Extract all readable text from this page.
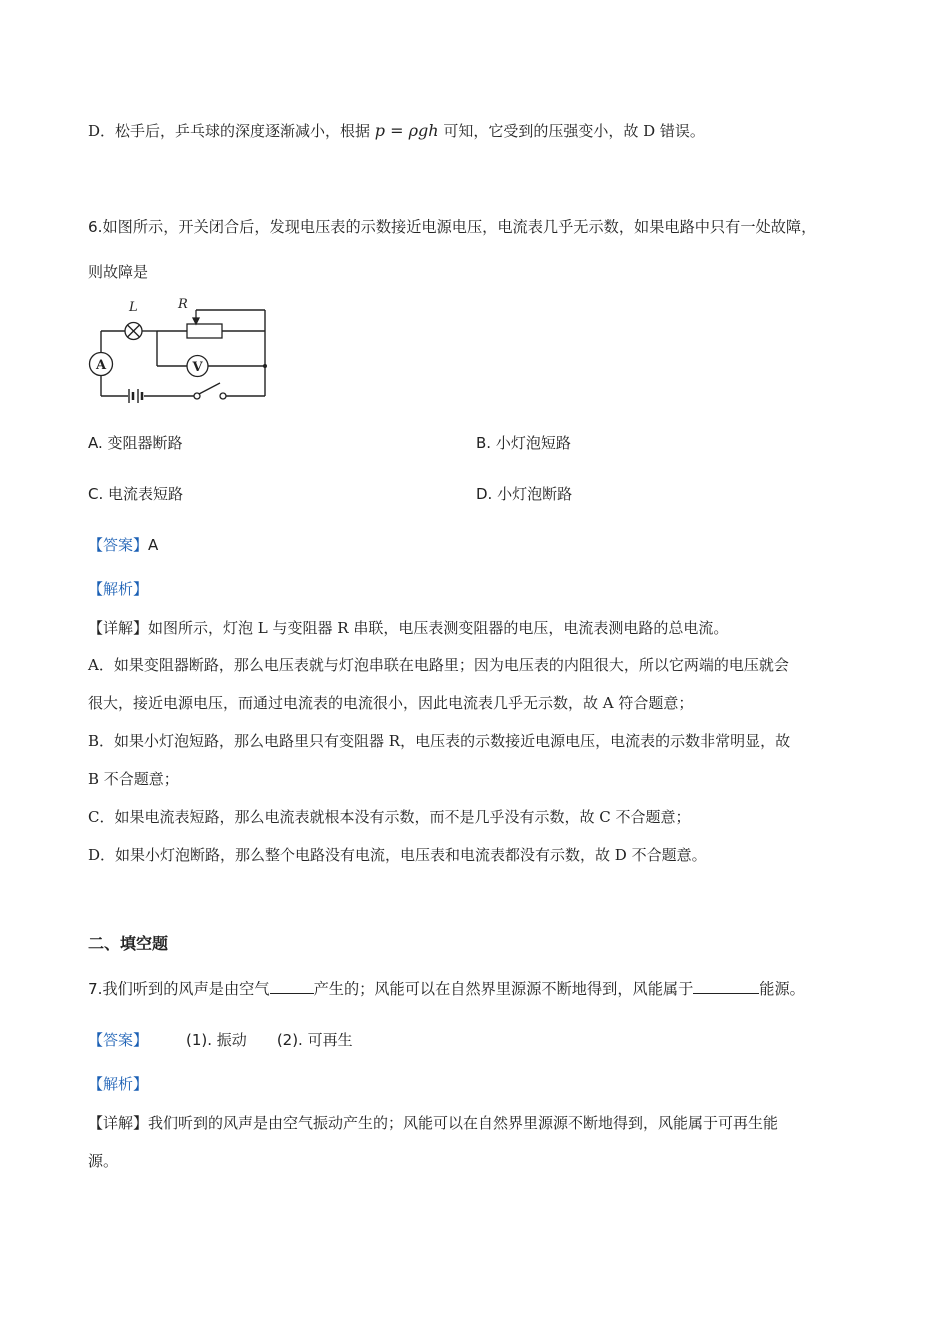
D．松手后，乒乓球的深度逐渐减小，根据 p = ρgh 可知，它受到的压强变小，故 D 错误。
6.如图所示，开关闭合后，发现电压表的示数接近电源电压，电流表几乎无示数，如果电路中只有一处故障，
则故障是
L	R
V
A
A. 变阻器断路	B. 小灯泡短路
C. 电流表短路	D. 小灯泡断路
【答案】A
【解析】
【详解】如图所示，灯泡 L 与变阻器 R 串联，电压表测变阻器的电压，电流表测电路的总电流。
A．如果变阻器断路，那么电压表就与灯泡串联在电路里；因为电压表的内阻很大，所以它两端的电压就会
很大，接近电源电压，而通过电流表的电流很小，因此电流表几乎无示数，故 A 符合题意；
B．如果小灯泡短路，那么电路里只有变阻器 R，电压表的示数接近电源电压，电流表的示数非常明显，故
B 不合题意；
C．如果电流表短路，那么电流表就根本没有示数，而不是几乎没有示数，故 C 不合题意；
D．如果小灯泡断路，那么整个电路没有电流，电压表和电流表都没有示数，故 D 不合题意。
二、填空题
7.我们听到的风声是由空气	产生的；风能可以在自然界里源源不断地得到，风能属于	能源。
【答案】	(1). 振动 (2). 可再生
【解析】
【详解】我们听到的风声是由空气振动产生的；风能可以在自然界里源源不断地得到，风能属于可再生能
源。
